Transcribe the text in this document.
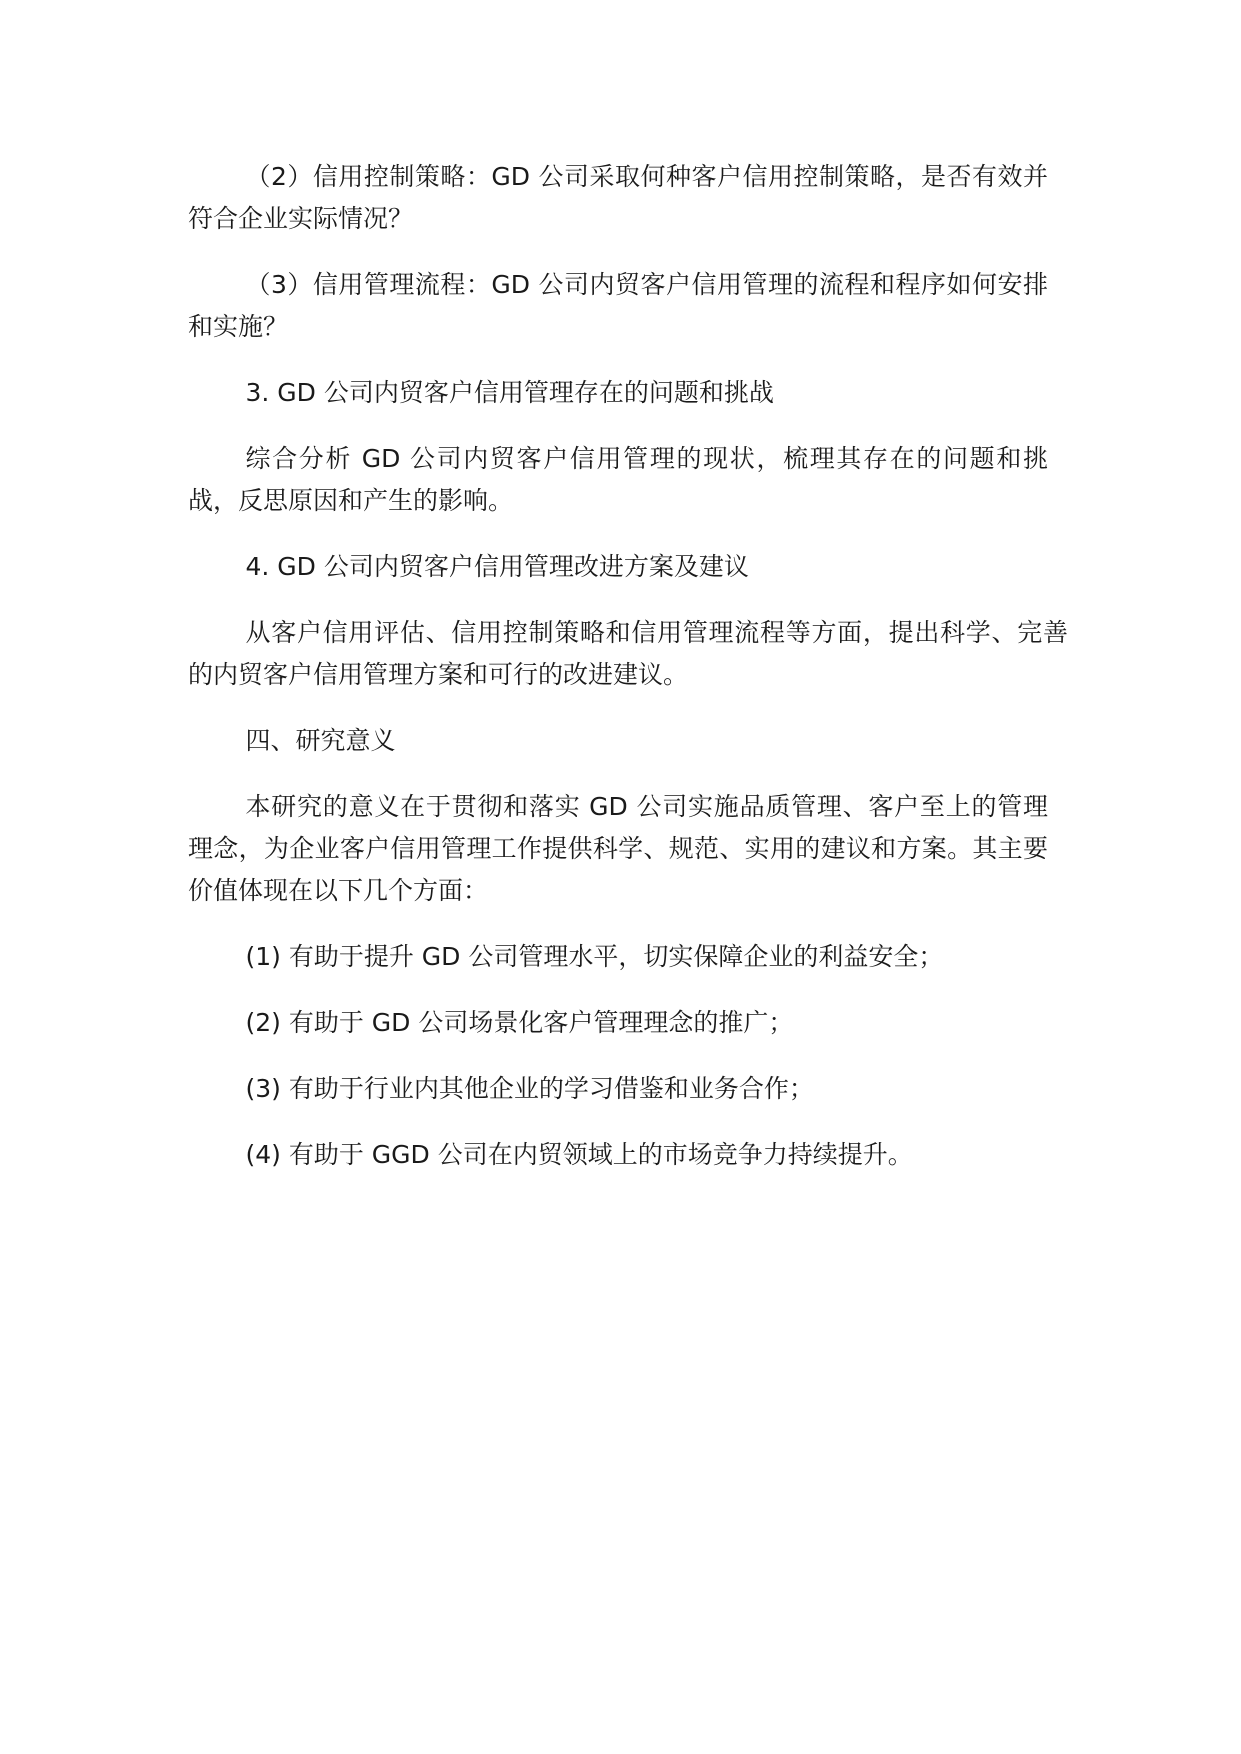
（2）信用控制策略：GD 公司采取何种客户信用控制策略，是否有效并符合企业实际情况？

（3）信用管理流程：GD 公司内贸客户信用管理的流程和程序如何安排和实施？

3. GD 公司内贸客户信用管理存在的问题和挑战

综合分析 GD 公司内贸客户信用管理的现状，梳理其存在的问题和挑战，反思原因和产生的影响。

4. GD 公司内贸客户信用管理改进方案及建议

从客户信用评估、信用控制策略和信用管理流程等方面，提出科学、完善的内贸客户信用管理方案和可行的改进建议。

四、研究意义

本研究的意义在于贯彻和落实 GD 公司实施品质管理、客户至上的管理理念，为企业客户信用管理工作提供科学、规范、实用的建议和方案。其主要价值体现在以下几个方面：

(1) 有助于提升 GD 公司管理水平，切实保障企业的利益安全；

(2) 有助于 GD 公司场景化客户管理理念的推广；

(3) 有助于行业内其他企业的学习借鉴和业务合作；

(4) 有助于 GGD 公司在内贸领域上的市场竞争力持续提升。
